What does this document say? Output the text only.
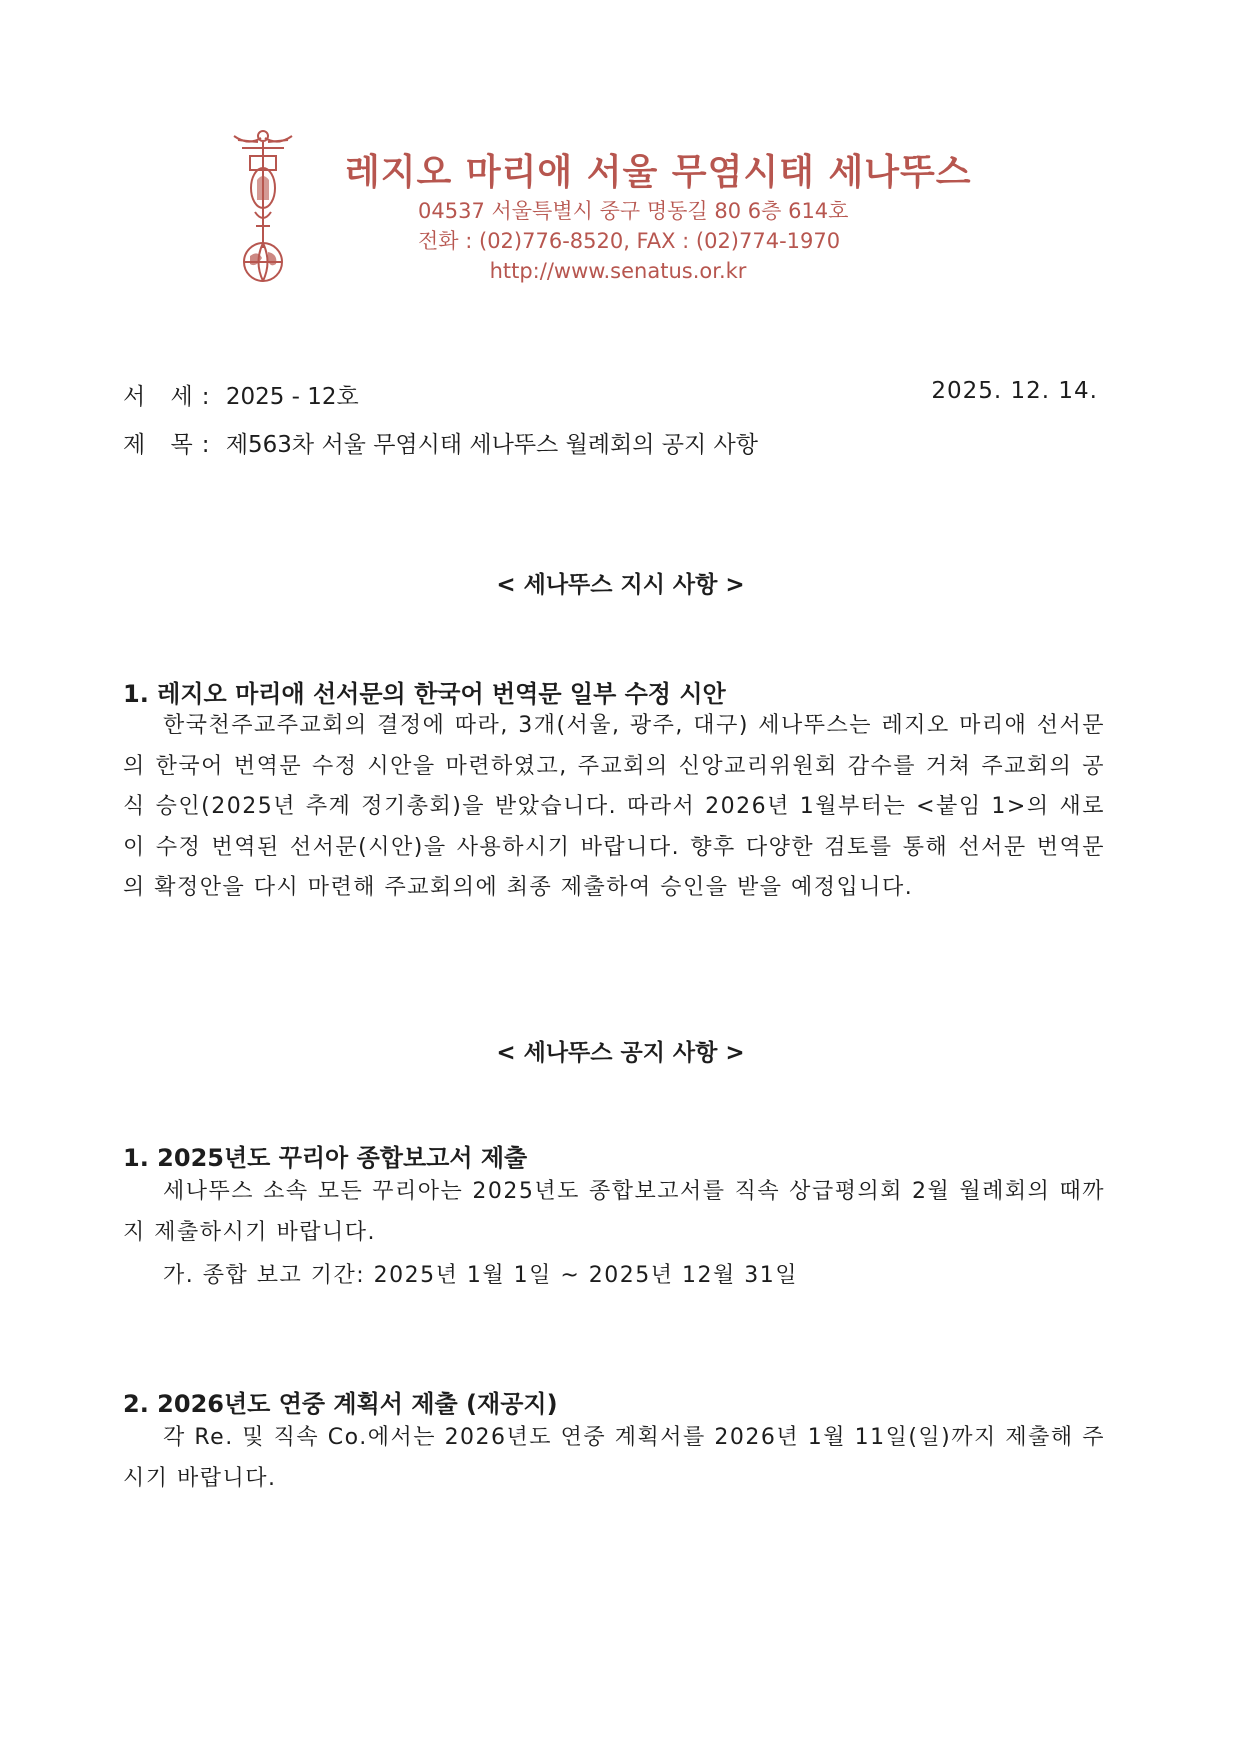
레지오 마리애 서울 무염시태 세나뚜스
04537 서울특별시 중구 명동길 80 6층 614호
전화 : (02)776-8520, FAX : (02)774-1970
http://www.senatus.or.kr
서 세: 2025 - 12호	2025. 12. 14.
제 목: 제563차 서울 무염시태 세나뚜스 월례회의 공지 사항
< 세나뚜스 지시 사항 >
1. 레지오 마리애 선서문의 한국어 번역문 일부 수정 시안

한국천주교주교회의 결정에 따라, 3개(서울, 광주, 대구) 세나뚜스는 레지오 마리애 선서문의 한국어 번역문 수정 시안을 마련하였고, 주교회의 신앙교리위원회 감수를 거쳐 주교회의 공식 승인(2025년 추계 정기총회)을 받았습니다. 따라서 2026년 1월부터는 <붙임 1>의 새로이 수정 번역된 선서문(시안)을 사용하시기 바랍니다. 향후 다양한 검토를 통해 선서문 번역문의 확정안을 다시 마련해 주교회의에 최종 제출하여 승인을 받을 예정입니다.

< 세나뚜스 공지 사항 >
1. 2025년도 꾸리아 종합보고서 제출

세나뚜스 소속 모든 꾸리아는 2025년도 종합보고서를 직속 상급평의회 2월 월례회의 때까지 제출하시기 바랍니다.

가. 종합 보고 기간: 2025년 1월 1일 ~ 2025년 12월 31일
2. 2026년도 연중 계획서 제출 (재공지)

각 Re. 및 직속 Co.에서는 2026년도 연중 계획서를 2026년 1월 11일(일)까지 제출해 주시기 바랍니다.
